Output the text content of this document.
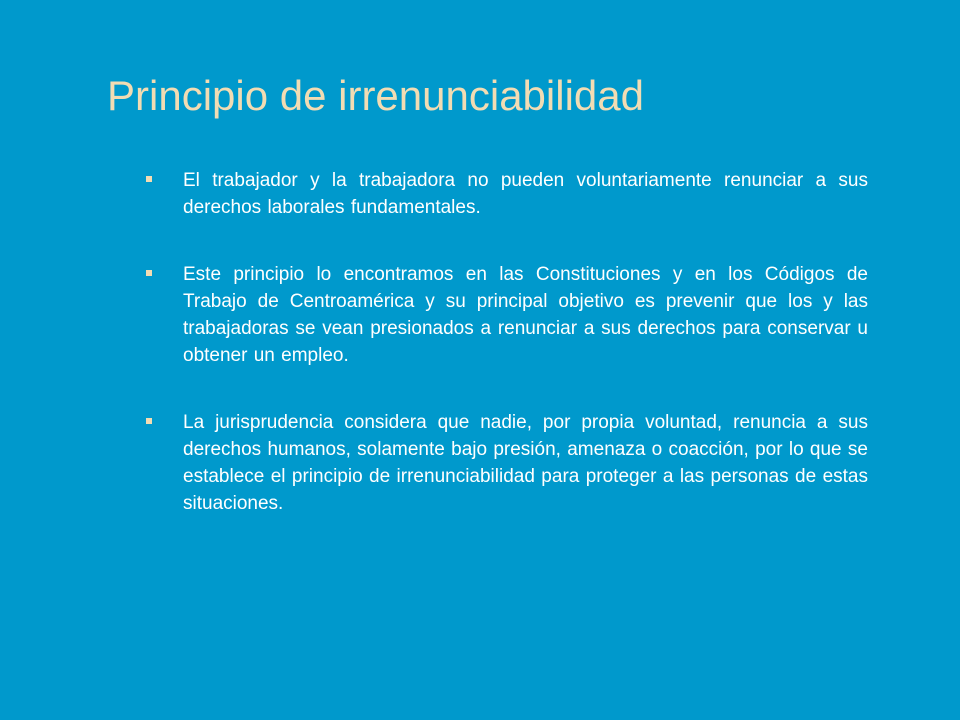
Principio de irrenunciabilidad
El trabajador y la trabajadora no pueden voluntariamente renunciar a sus derechos laborales fundamentales.
Este principio lo encontramos en las Constituciones y en los Códigos de Trabajo de Centroamérica y su principal objetivo es prevenir que los y las trabajadoras se vean presionados a renunciar a sus derechos para conservar u obtener un empleo.
La jurisprudencia considera que nadie, por propia voluntad, renuncia a sus derechos humanos, solamente bajo presión, amenaza o coacción, por lo que se establece el principio de irrenunciabilidad para proteger a las personas de estas situaciones.
